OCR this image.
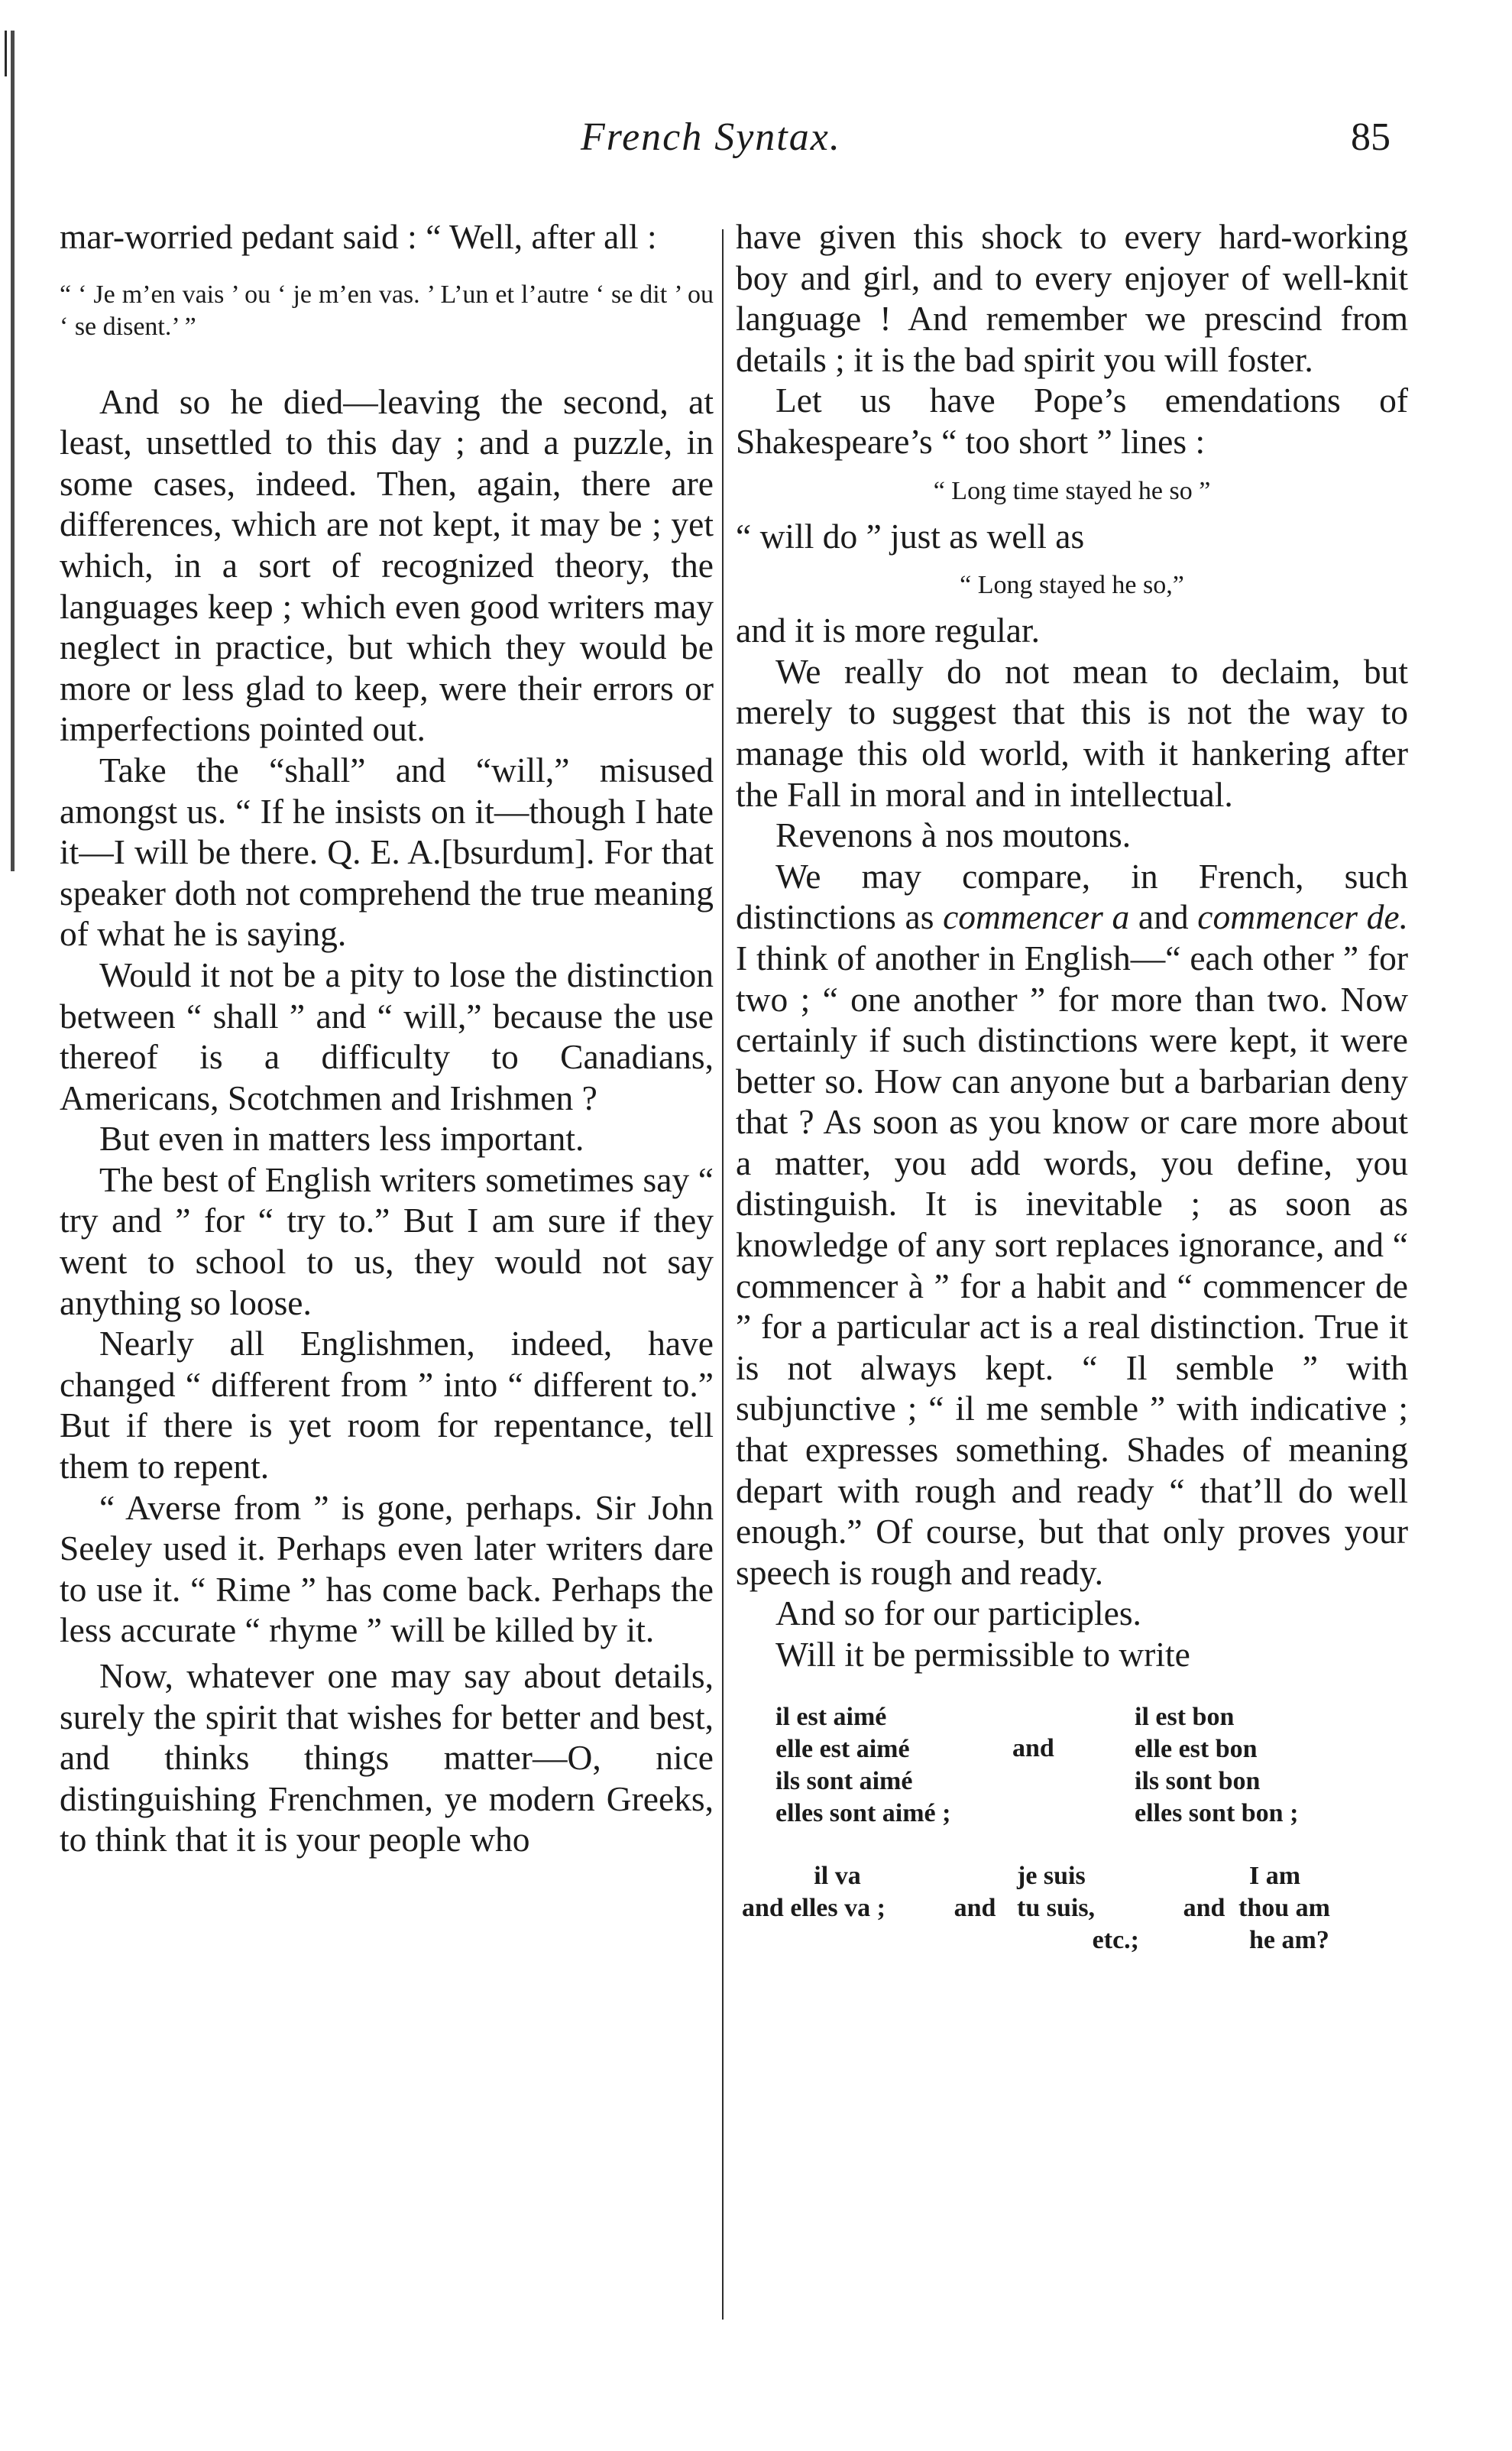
French Syntax.	85

mar-worried pedant said : “ Well, after all :

“ ‘ Je m’en vais ’ ou ‘ je m’en vas. ’ L’un et l’autre ‘ se dit ’ ou ‘ se disent.’ ”

And so he died—leaving the second, at least, unsettled to this day ; and a puzzle, in some cases, indeed. Then, again, there are differences, which are not kept, it may be ; yet which, in a sort of recognized theory, the languages keep ; which even good writers may neglect in practice, but which they would be more or less glad to keep, were their errors or imperfections pointed out.

Take the “shall” and “will,” misused amongst us. “ If he insists on it—though I hate it—I will be there. Q. E. A.[bsurdum]. For that speaker doth not comprehend the true meaning of what he is saying.

Would it not be a pity to lose the distinction between “ shall ” and “ will,” because the use thereof is a difficulty to Canadians, Americans, Scotchmen and Irishmen ?

But even in matters less important.

The best of English writers sometimes say “ try and ” for “ try to.” But I am sure if they went to school to us, they would not say anything so loose.

Nearly all Englishmen, indeed, have changed “ different from ” into “ different to.” But if there is yet room for repentance, tell them to repent.

“ Averse from ” is gone, perhaps. Sir John Seeley used it. Perhaps even later writers dare to use it. “ Rime ” has come back. Perhaps the less accurate “ rhyme ” will be killed by it.

Now, whatever one may say about details, surely the spirit that wishes for better and best, and thinks things matter—O, nice distinguishing Frenchmen, ye modern Greeks, to think that it is your people who

have given this shock to every hard-working boy and girl, and to every enjoyer of well-knit language ! And remember we prescind from details ; it is the bad spirit you will foster.

Let us have Pope’s emendations of Shakespeare’s “ too short ” lines :

“ Long time stayed he so ”

“ will do ” just as well as

“ Long stayed he so,”

and it is more regular.

We really do not mean to declaim, but merely to suggest that this is not the way to manage this old world, with it hankering after the Fall in moral and in intellectual.

Revenons à nos moutons.

We may compare, in French, such distinctions as commencer a and commencer de. I think of another in English—“ each other ” for two ; “ one another ” for more than two. Now certainly if such distinctions were kept, it were better so. How can anyone but a barbarian deny that ? As soon as you know or care more about a matter, you add words, you define, you distinguish. It is inevitable ; as soon as knowledge of any sort replaces ignorance, and “ commencer à ” for a habit and “ commencer de ” for a particular act is a real distinction. True it is not always kept. “ Il semble ” with subjunctive ; “ il me semble ” with indicative ; that expresses something. Shades of meaning depart with rough and ready “ that’ll do well enough.” Of course, but that only proves your speech is rough and ready.

And so for our participles.

Will it be permissible to write

il est aimé	and	il est bon
elle est aimé		elle est bon
ils sont aimé		ils sont bon
elles sont aimé ;		elles sont bon ;
il va		je suis		I am
and elles va ;	and	tu suis,	and	thou am
		etc.;		he am?
